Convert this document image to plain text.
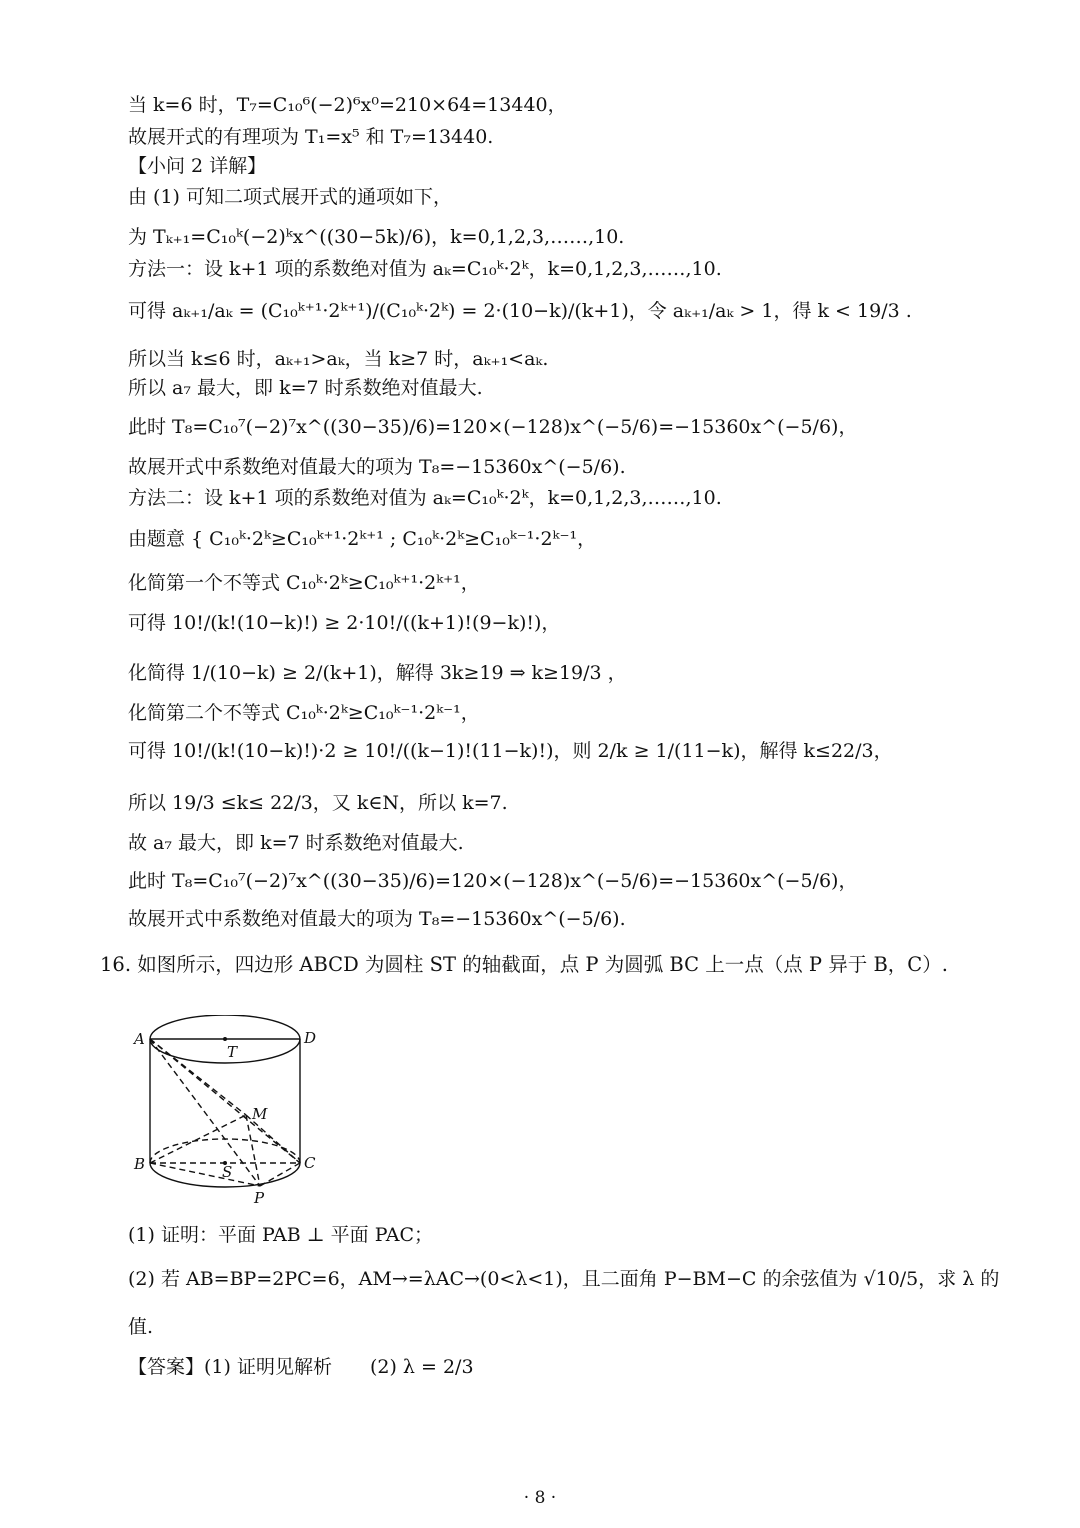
当 k=6 时，T₇=C₁₀⁶(−2)⁶x⁰=210×64=13440，
故展开式的有理项为 T₁=x⁵ 和 T₇=13440.
【小问 2 详解】
由 (1) 可知二项式展开式的通项如下，
为 Tₖ₊₁=C₁₀ᵏ(−2)ᵏx^((30−5k)/6)，k=0,1,2,3,……,10.
方法一：设 k+1 项的系数绝对值为 aₖ=C₁₀ᵏ·2ᵏ，k=0,1,2,3,……,10.
可得 aₖ₊₁/aₖ = (C₁₀ᵏ⁺¹·2ᵏ⁺¹)/(C₁₀ᵏ·2ᵏ) = 2·(10−k)/(k+1)，令 aₖ₊₁/aₖ > 1，得 k < 19/3 .
所以当 k≤6 时，aₖ₊₁>aₖ，当 k≥7 时，aₖ₊₁<aₖ.
所以 a₇ 最大，即 k=7 时系数绝对值最大.
此时 T₈=C₁₀⁷(−2)⁷x^((30−35)/6)=120×(−128)x^(−5/6)=−15360x^(−5/6)，
故展开式中系数绝对值最大的项为 T₈=−15360x^(−5/6).
方法二：设 k+1 项的系数绝对值为 aₖ=C₁₀ᵏ·2ᵏ，k=0,1,2,3,……,10.
由题意 { C₁₀ᵏ·2ᵏ≥C₁₀ᵏ⁺¹·2ᵏ⁺¹ ; C₁₀ᵏ·2ᵏ≥C₁₀ᵏ⁻¹·2ᵏ⁻¹，
化简第一个不等式 C₁₀ᵏ·2ᵏ≥C₁₀ᵏ⁺¹·2ᵏ⁺¹，
可得 10!/(k!(10−k)!) ≥ 2·10!/((k+1)!(9−k)!)，
化简得 1/(10−k) ≥ 2/(k+1)，解得 3k≥19 ⇒ k≥19/3 ，
化简第二个不等式 C₁₀ᵏ·2ᵏ≥C₁₀ᵏ⁻¹·2ᵏ⁻¹，
可得 10!/(k!(10−k)!)·2 ≥ 10!/((k−1)!(11−k)!)，则 2/k ≥ 1/(11−k)，解得 k≤22/3，
所以 19/3 ≤k≤ 22/3，又 k∈N，所以 k=7.
故 a₇ 最大，即 k=7 时系数绝对值最大.
此时 T₈=C₁₀⁷(−2)⁷x^((30−35)/6)=120×(−128)x^(−5/6)=−15360x^(−5/6)，
故展开式中系数绝对值最大的项为 T₈=−15360x^(−5/6).
16. 如图所示，四边形 ABCD 为圆柱 ST 的轴截面，点 P 为圆弧 BC 上一点（点 P 异于 B，C）.
A	D
T
M
B	C
S
P
(1) 证明：平面 PAB ⊥ 平面 PAC；
(2) 若 AB=BP=2PC=6，AM→=λAC→(0<λ<1)，且二面角 P−BM−C 的余弦值为 √10/5，求 λ 的
值.
【答案】(1) 证明见解析　　(2) λ = 2/3
· 8 ·
